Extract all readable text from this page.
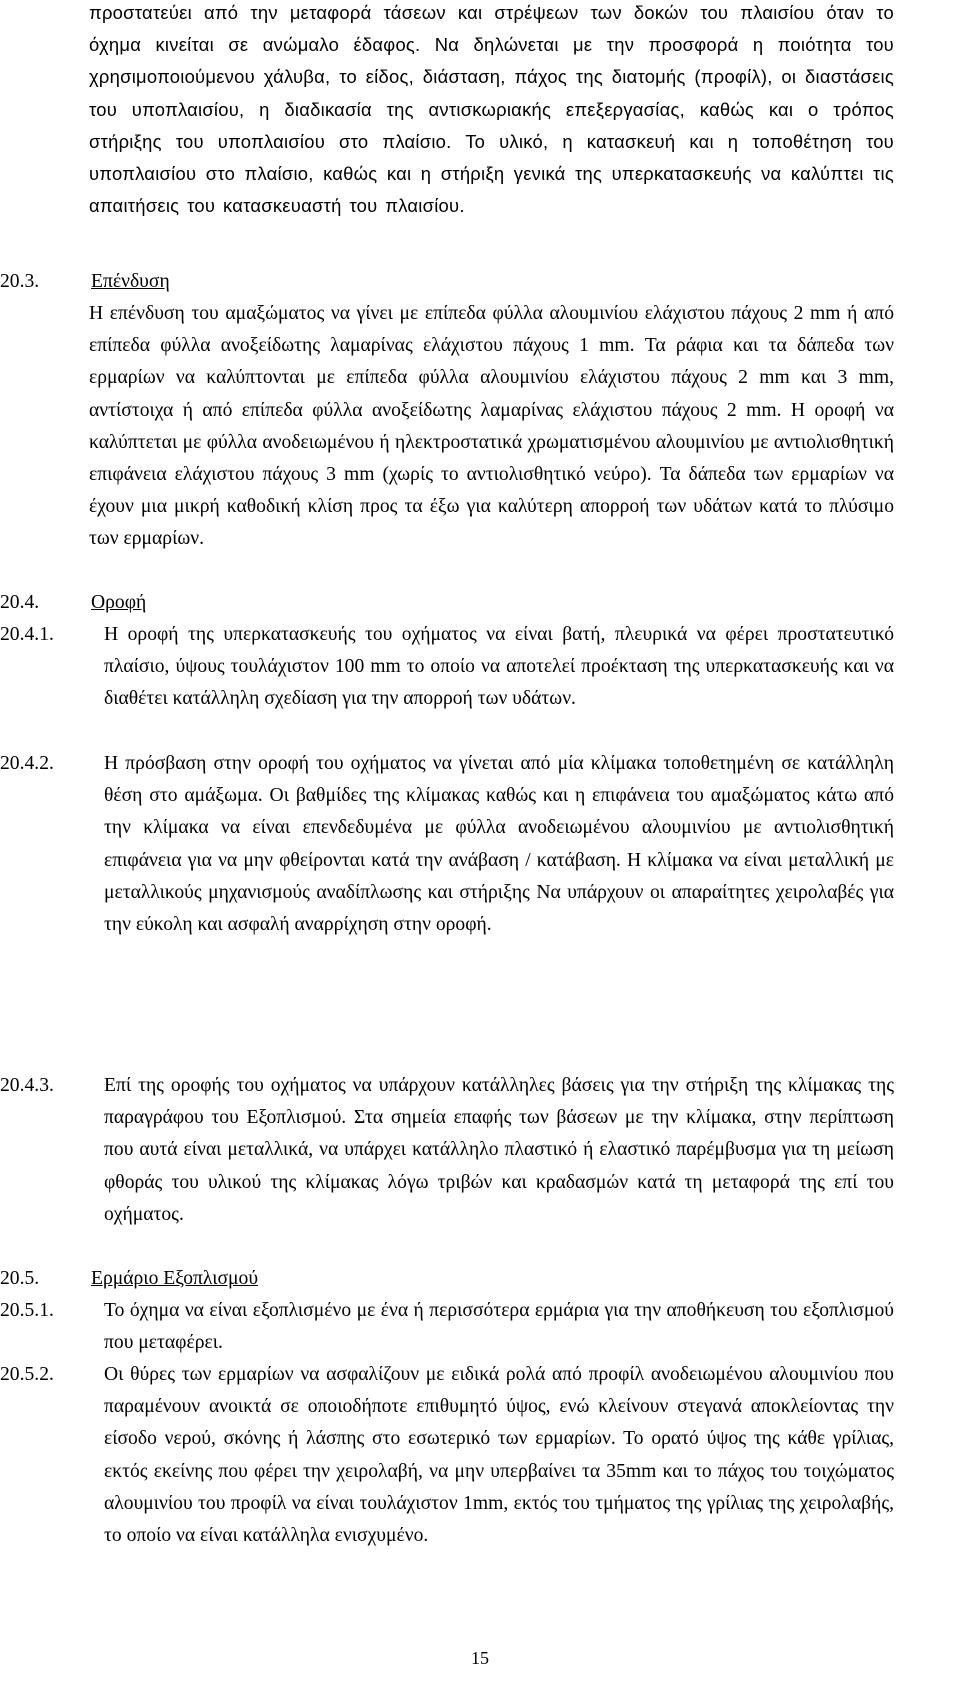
προστατεύει από την μεταφορά τάσεων και στρέψεων των δοκών του πλαισίου όταν το όχημα κινείται σε ανώμαλο έδαφος. Να δηλώνεται με την προσφορά η ποιότητα του χρησιμοποιούμενου χάλυβα, το είδος, διάσταση, πάχος της διατομής (προφίλ), οι διαστάσεις του υποπλαισίου, η διαδικασία της αντισκωριακής επεξεργασίας, καθώς και ο τρόπος στήριξης του υποπλαισίου στο πλαίσιο. Το υλικό, η κατασκευή και η τοποθέτηση του υποπλαισίου στο πλαίσιο, καθώς και η στήριξη γενικά της υπερκατασκευής να καλύπτει τις απαιτήσεις του κατασκευαστή του πλαισίου.

20.3.	Επένδυση

Η επένδυση του αμαξώματος να γίνει με επίπεδα φύλλα αλουμινίου ελάχιστου πάχους 2 mm ή από επίπεδα φύλλα ανοξείδωτης λαμαρίνας ελάχιστου πάχους 1 mm. Τα ράφια και τα δάπεδα των ερμαρίων να καλύπτονται με επίπεδα φύλλα αλουμινίου ελάχιστου πάχους 2 mm και 3 mm, αντίστοιχα ή από επίπεδα φύλλα ανοξείδωτης λαμαρίνας ελάχιστου πάχους 2 mm. Η οροφή να καλύπτεται με φύλλα ανοδειωμένου ή ηλεκτροστατικά χρωματισμένου αλουμινίου με αντιολισθητική επιφάνεια ελάχιστου πάχους 3 mm (χωρίς το αντιολισθητικό νεύρο). Τα δάπεδα των ερμαρίων να έχουν μια μικρή καθοδική κλίση προς τα έξω για καλύτερη απορροή των υδάτων κατά το πλύσιμο των ερμαρίων.

20.4.	Οροφή

20.4.1.	Η οροφή της υπερκατασκευής του οχήματος να είναι βατή, πλευρικά να φέρει προστατευτικό πλαίσιο, ύψους τουλάχιστον 100 mm το οποίο να αποτελεί προέκταση της υπερκατασκευής και να διαθέτει κατάλληλη σχεδίαση για την απορροή των υδάτων.

20.4.2.	Η πρόσβαση στην οροφή του οχήματος να γίνεται από μία κλίμακα τοποθετημένη σε κατάλληλη θέση στο αμάξωμα. Οι βαθμίδες της κλίμακας καθώς και η επιφάνεια του αμαξώματος κάτω από την κλίμακα να είναι επενδεδυμένα με φύλλα ανοδειωμένου αλουμινίου με αντιολισθητική επιφάνεια για να μην φθείρονται κατά την ανάβαση / κατάβαση. Η κλίμακα να είναι μεταλλική με μεταλλικούς μηχανισμούς αναδίπλωσης και στήριξης Να υπάρχουν οι απαραίτητες χειρολαβές για την εύκολη και ασφαλή αναρρίχηση στην οροφή.

20.4.3.	Επί της οροφής του οχήματος να υπάρχουν κατάλληλες βάσεις για την στήριξη της κλίμακας της παραγράφου του Εξοπλισμού. Στα σημεία επαφής των βάσεων με την κλίμακα, στην περίπτωση που αυτά είναι μεταλλικά, να υπάρχει κατάλληλο πλαστικό ή ελαστικό παρέμβυσμα για τη μείωση φθοράς του υλικού της κλίμακας λόγω τριβών και κραδασμών κατά τη μεταφορά της επί του οχήματος.

20.5.	Ερμάριο Εξοπλισμού

20.5.1.	Το όχημα να είναι εξοπλισμένο με ένα ή περισσότερα ερμάρια για την αποθήκευση του εξοπλισμού που μεταφέρει.

20.5.2.	Οι θύρες των ερμαρίων να ασφαλίζουν με ειδικά ρολά από προφίλ ανοδειωμένου αλουμινίου που παραμένουν ανοικτά σε οποιοδήποτε επιθυμητό ύψος, ενώ κλείνουν στεγανά αποκλείοντας την είσοδο νερού, σκόνης ή λάσπης στο εσωτερικό των ερμαρίων. Το ορατό ύψος της κάθε γρίλιας, εκτός εκείνης που φέρει την χειρολαβή, να μην υπερβαίνει τα 35mm και το πάχος του τοιχώματος αλουμινίου του προφίλ να είναι τουλάχιστον 1mm, εκτός του τμήματος της γρίλιας της χειρολαβής, το οποίο να είναι κατάλληλα ενισχυμένο.

15
